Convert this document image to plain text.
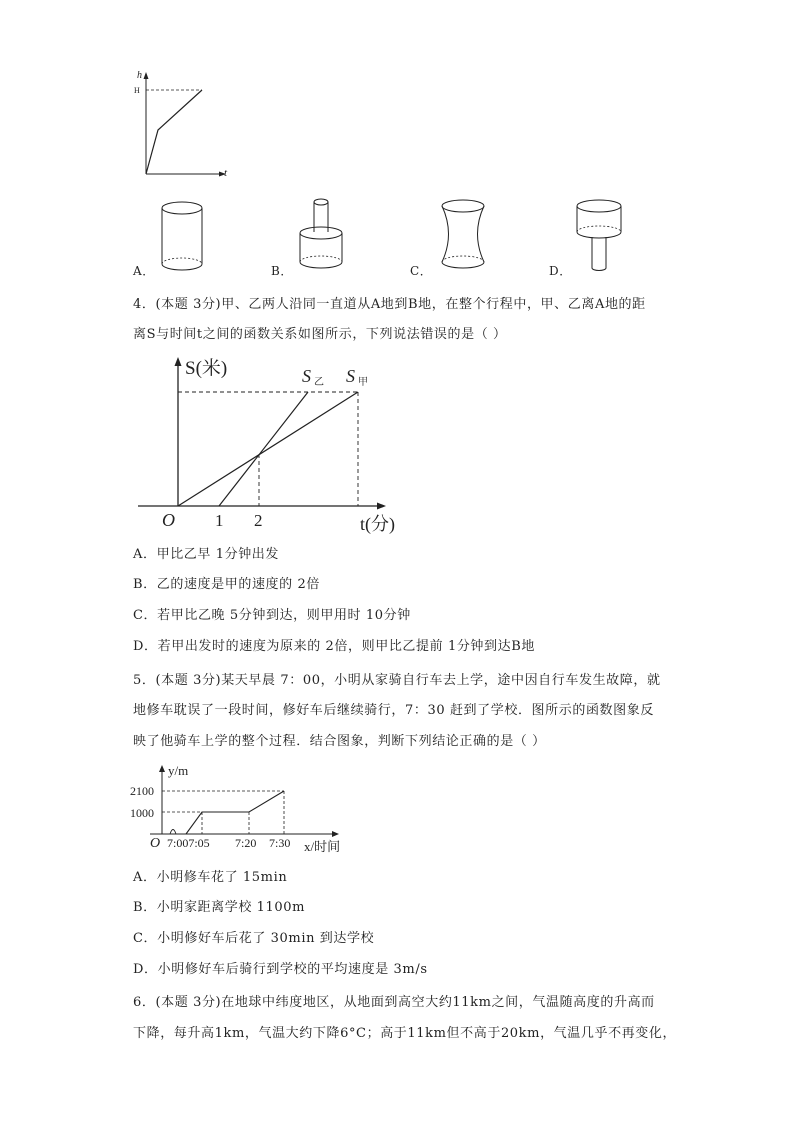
h
t
H
A．	B．	C．	D．
4．(本题 3分)甲、乙两人沿同一直道从A地到B地，在整个行程中，甲、乙离A地的距
离S与时间t之间的函数关系如图所示，下列说法错误的是（ ）
S(米)
t(分)
O 1 2
S 乙 S 甲
A．甲比乙早 1分钟出发
B．乙的速度是甲的速度的 2倍
C．若甲比乙晚 5分钟到达，则甲用时 10分钟
D．若甲出发时的速度为原来的 2倍，则甲比乙提前 1分钟到达B地
5．(本题 3分)某天早晨 7：00，小明从家骑自行车去上学，途中因自行车发生故障，就
地修车耽误了一段时间，修好车后继续骑行，7：30 赶到了学校．图所示的函数图象反
映了他骑车上学的整个过程．结合图象，判断下列结论正确的是（ ）
y/m
x/时间
O
2100
1000
7:007:05 7:20 7:30
A．小明修车花了 15min
B．小明家距离学校 1100m
C．小明修好车后花了 30min 到达学校
D．小明修好车后骑行到学校的平均速度是 3m/s
6．(本题 3分)在地球中纬度地区，从地面到高空大约11km之间，气温随高度的升高而
下降，每升高1km，气温大约下降6°C；高于11km但不高于20km，气温几乎不再变化，
